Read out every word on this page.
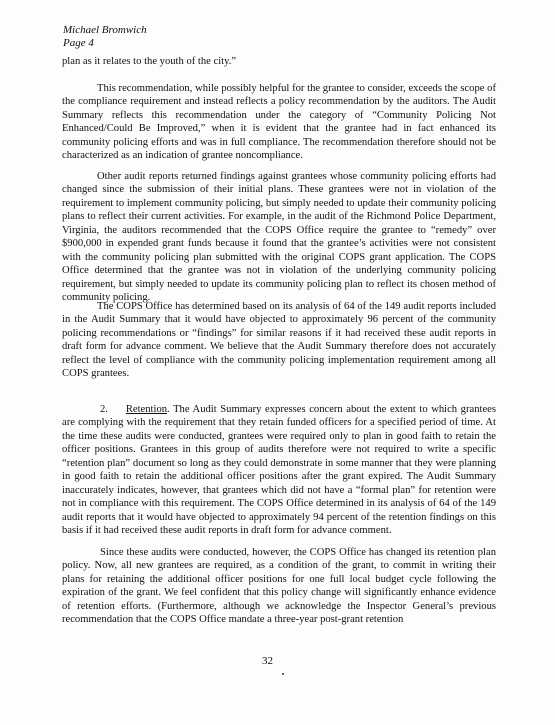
Michael Bromwich
Page 4

plan as it relates to the youth of the city.”

This recommendation, while possibly helpful for the grantee to consider, exceeds the scope of the compliance requirement and instead reflects a policy recommendation by the auditors. The Audit Summary reflects this recommendation under the category of “Community Policing Not Enhanced/Could Be Improved,” when it is evident that the grantee had in fact enhanced its community policing efforts and was in full compliance. The recommendation therefore should not be characterized as an indication of grantee noncompliance.

Other audit reports returned findings against grantees whose community policing efforts had changed since the submission of their initial plans. These grantees were not in violation of the requirement to implement community policing, but simply needed to update their community policing plans to reflect their current activities. For example, in the audit of the Richmond Police Department, Virginia, the auditors recommended that the COPS Office require the grantee to “remedy” over $900,000 in expended grant funds because it found that the grantee’s activities were not consistent with the community policing plan submitted with the original COPS grant application. The COPS Office determined that the grantee was not in violation of the underlying community policing requirement, but simply needed to update its community policing plan to reflect its chosen method of community policing.

The COPS Office has determined based on its analysis of 64 of the 149 audit reports included in the Audit Summary that it would have objected to approximately 96 percent of the community policing recommendations or “findings” for similar reasons if it had received these audit reports in draft form for advance comment. We believe that the Audit Summary therefore does not accurately reflect the level of compliance with the community policing implementation requirement among all COPS grantees.

2. Retention. The Audit Summary expresses concern about the extent to which grantees are complying with the requirement that they retain funded officers for a specified period of time. At the time these audits were conducted, grantees were required only to plan in good faith to retain the officer positions. Grantees in this group of audits therefore were not required to write a specific “retention plan” document so long as they could demonstrate in some manner that they were planning in good faith to retain the additional officer positions after the grant expired. The Audit Summary inaccurately indicates, however, that grantees which did not have a “formal plan” for retention were not in compliance with this requirement. The COPS Office determined in its analysis of 64 of the 149 audit reports that it would have objected to approximately 94 percent of the retention findings on this basis if it had received these audit reports in draft form for advance comment.

Since these audits were conducted, however, the COPS Office has changed its retention plan policy. Now, all new grantees are required, as a condition of the grant, to commit in writing their plans for retaining the additional officer positions for one full local budget cycle following the expiration of the grant. We feel confident that this policy change will significantly enhance evidence of retention efforts. (Furthermore, although we acknowledge the Inspector General’s previous recommendation that the COPS Office mandate a three-year post-grant retention

32
